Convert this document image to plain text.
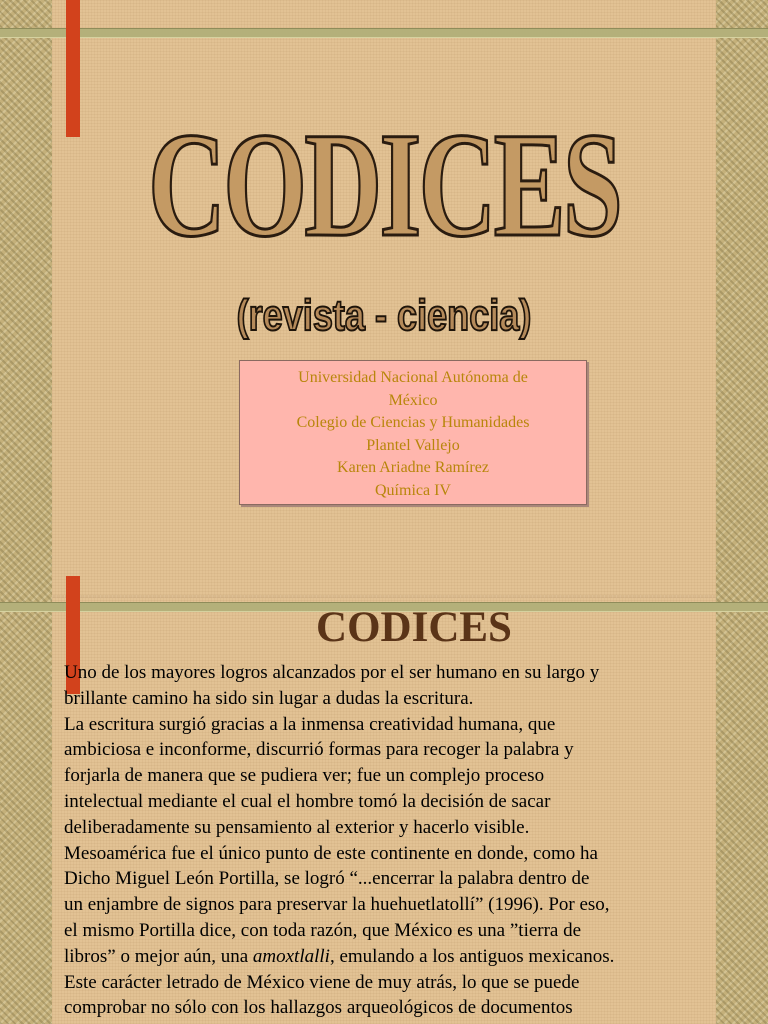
CODICES
(revista - ciencia)
Universidad Nacional Autónoma de
México
Colegio de Ciencias y Humanidades
Plantel Vallejo
Karen Ariadne Ramírez
Química IV
CODICES
Uno de los mayores logros alcanzados por el ser humano en su largo y
brillante camino ha sido sin lugar a dudas la escritura.
La escritura surgió gracias a la inmensa creatividad humana, que
ambiciosa e inconforme, discurrió formas para recoger la palabra y
forjarla de manera que se pudiera ver; fue un complejo proceso
intelectual mediante el cual el hombre tomó la decisión de sacar
deliberadamente su pensamiento al exterior y hacerlo visible.
Mesoamérica fue el único punto de este continente en donde, como ha
Dicho Miguel León Portilla, se logró “...encerrar la palabra dentro de
un enjambre de signos para preservar la huehuetlatollí” (1996). Por eso,
el mismo Portilla dice, con toda razón, que México es una ”tierra de
libros” o mejor aún, una amoxtlalli, emulando a los antiguos mexicanos.
Este carácter letrado de México viene de muy atrás, lo que se puede
comprobar no sólo con los hallazgos arqueológicos de documentos
